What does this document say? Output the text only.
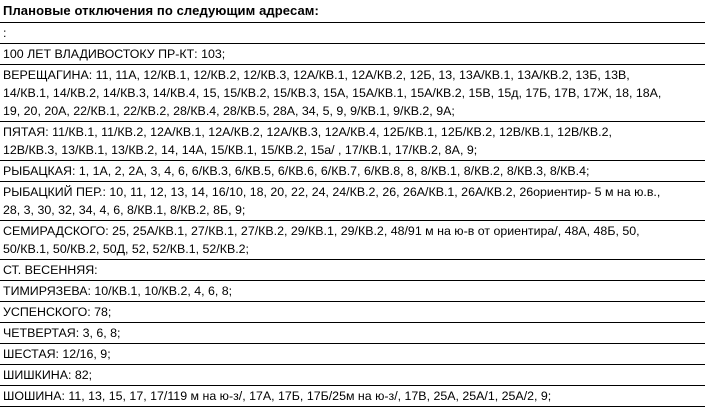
Плановые отключения по следующим адресам:
:
100 ЛЕТ ВЛАДИВОСТОКУ ПР-КТ: 103;
ВЕРЕЩАГИНА: 11, 11А, 12/КВ.1, 12/КВ.2, 12/КВ.3, 12А/КВ.1, 12А/КВ.2, 12Б, 13, 13А/КВ.1, 13А/КВ.2, 13Б, 13В,
14/КВ.1, 14/КВ.2, 14/КВ.3, 14/КВ.4, 15, 15/КВ.2, 15/КВ.3, 15А, 15А/КВ.1, 15А/КВ.2, 15В, 15д, 17Б, 17В, 17Ж, 18, 18А,
19, 20, 20А, 22/КВ.1, 22/КВ.2, 28/КВ.4, 28/КВ.5, 28А, 34, 5, 9, 9/КВ.1, 9/КВ.2, 9А;
ПЯТАЯ: 11/КВ.1, 11/КВ.2, 12А/КВ.1, 12А/КВ.2, 12А/КВ.3, 12А/КВ.4, 12Б/КВ.1, 12Б/КВ.2, 12В/КВ.1, 12В/КВ.2,
12В/КВ.3, 13/КВ.1, 13/КВ.2, 14, 14А, 15/КВ.1, 15/КВ.2, 15а/ , 17/КВ.1, 17/КВ.2, 8А, 9;
РЫБАЦКАЯ: 1, 1А, 2, 2А, 3, 4, 6, 6/КВ.3, 6/КВ.5, 6/КВ.6, 6/КВ.7, 6/КВ.8, 8, 8/КВ.1, 8/КВ.2, 8/КВ.3, 8/КВ.4;
РЫБАЦКИЙ ПЕР.: 10, 11, 12, 13, 14, 16/10, 18, 20, 22, 24, 24/КВ.2, 26, 26А/КВ.1, 26А/КВ.2, 26ориентир- 5 м на ю.в.,
28, 3, 30, 32, 34, 4, 6, 8/КВ.1, 8/КВ.2, 8Б, 9;
СЕМИРАДСКОГО: 25, 25А/КВ.1, 27/КВ.1, 27/КВ.2, 29/КВ.1, 29/КВ.2, 48/91 м на ю-в от ориентира/, 48А, 48Б, 50,
50/КВ.1, 50/КВ.2, 50Д, 52, 52/КВ.1, 52/КВ.2;
СТ. ВЕСЕННЯЯ:
ТИМИРЯЗЕВА: 10/КВ.1, 10/КВ.2, 4, 6, 8;
УСПЕНСКОГО: 78;
ЧЕТВЕРТАЯ: 3, 6, 8;
ШЕСТАЯ: 12/16, 9;
ШИШКИНА: 82;
ШОШИНА: 11, 13, 15, 17, 17/119 м на ю-з/, 17А, 17Б, 17Б/25м на ю-з/, 17В, 25А, 25А/1, 25А/2, 9;
